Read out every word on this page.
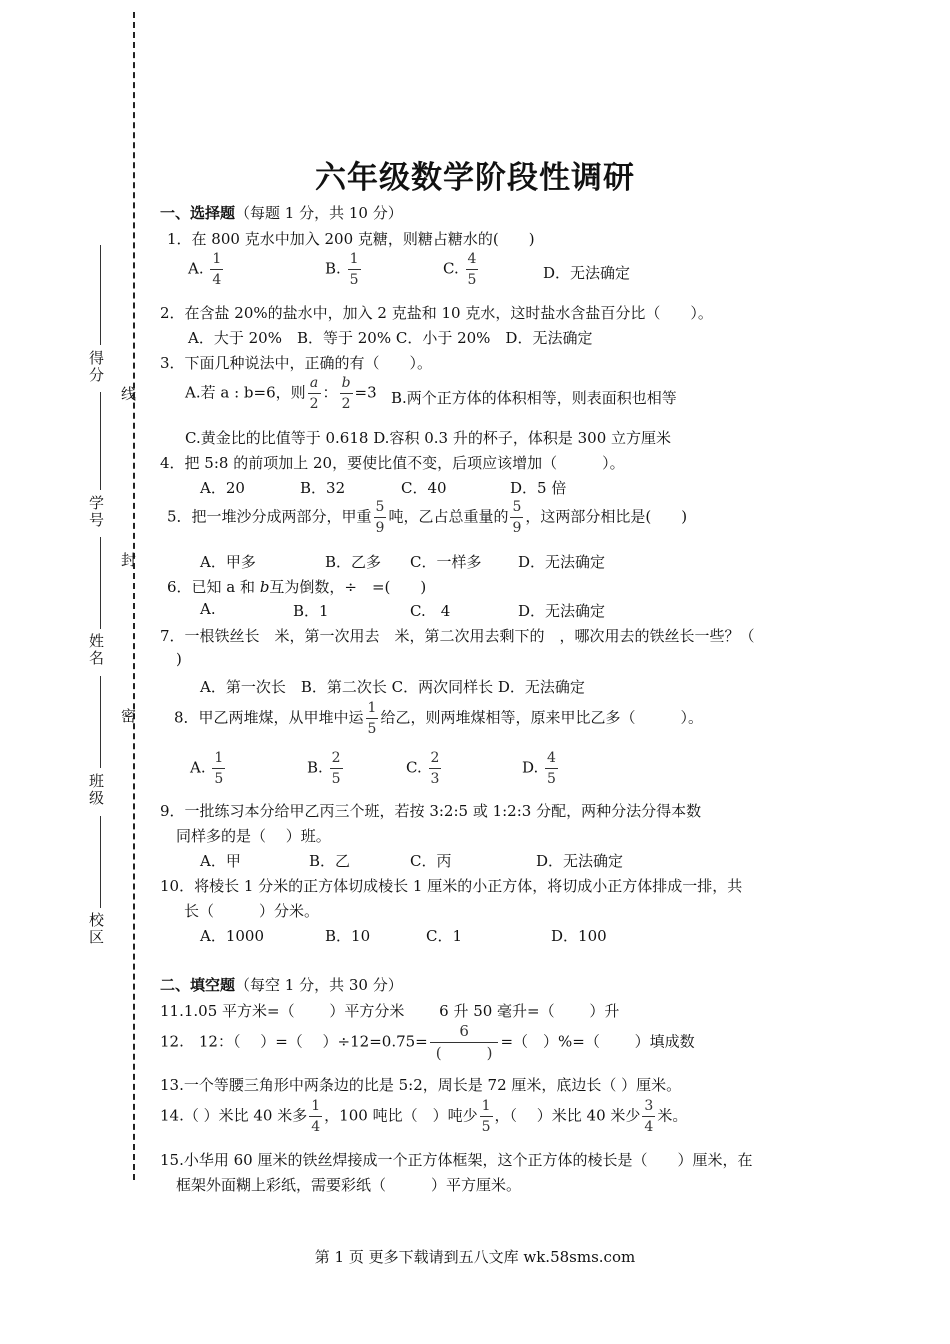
线
封
密
得分
学号
姓名
班级
校区
六年级数学阶段性调研
一、选择题（每题 1 分，共 10 分）
1．在 800 克水中加入 200 克糖，则糖占糖水的(　　)
A. $\frac{1}{4}$	B. $\frac{1}{5}$	C. $\frac{4}{5}$	D．无法确定
2．在含盐 20%的盐水中，加入 2 克盐和 10 克水，这时盐水含盐百分比（　　）。
A．大于 20%　B．等于 20% C．小于 20%　D．无法确定
3．下面几种说法中，正确的有（　　）。
A.若 a : b=6，则 $\frac{a}{2}$ ： $\frac{b}{2} =3$ B.两个正方体的体积相等，则表面积也相等
C.黄金比的比值等于 0.618 D.容积 0.3 升的杯子，体积是 300 立方厘米
4．把 5:8 的前项加上 20，要使比值不变，后项应该增加（　　　）。
A．20	B．32	C．40	D．5 倍
5．把一堆沙分成两部分，甲重 $\frac{5}{9}$ 吨，乙占总重量的 $\frac{5}{9}$ ，这两部分相比是(　　)
A．甲多	B．乙多 C．一样多 D．无法确定
6．已知 a 和 b互为倒数，÷　=(　　)
A.	B．1	C.　4	D．无法确定
7．一根铁丝长　米，第一次用去　米，第二次用去剩下的　，哪次用去的铁丝长一些？（
)
A．第一次长　B．第二次长 C．两次同样长 D．无法确定
8．甲乙两堆煤，从甲堆中运 $\frac{1}{5}$ 给乙，则两堆煤相等，原来甲比乙多（　　　）。
A. $\frac{1}{5}$	B. $\frac{2}{5}$	C. $\frac{2}{3}$	D. $\frac{4}{5}$
9．一批练习本分给甲乙丙三个班，若按 3:2:5 或 1:2:3 分配，两种分法分得本数
同样多的是（　 ）班。
A．甲	B．乙	C．丙	D．无法确定
10．将棱长 1 分米的正方体切成棱长 1 厘米的小正方体，将切成小正方体排成一排，共
长（　　　）分米。
A．1000	B．10	C．1	D．100
二、填空题（每空 1 分，共 30 分）
11.1.05 平方米=（　　 ）平方分米　　 6 升 50 毫升=（　　 ）升
12.　12：（　 ）=（　 ）$\div 12=0.75= \frac{6}{( )}$ =（　）%=（　　 ）填成数
13.一个等腰三角形中两条边的比是 5:2，周长是 72 厘米，底边长（ ）厘米。
14.（ ）米比 40 米多 $\frac{1}{4}$ ，100 吨比（　）吨少 $\frac{1}{5}$ ，（　 ）米比 40 米少 $\frac{3}{4}$ 米。
15.小华用 60 厘米的铁丝焊接成一个正方体框架，这个正方体的棱长是（　　）厘米，在
框架外面糊上彩纸，需要彩纸（　　　）平方厘米。
第 1 页 更多下载请到五八文库 wk.58sms.com
